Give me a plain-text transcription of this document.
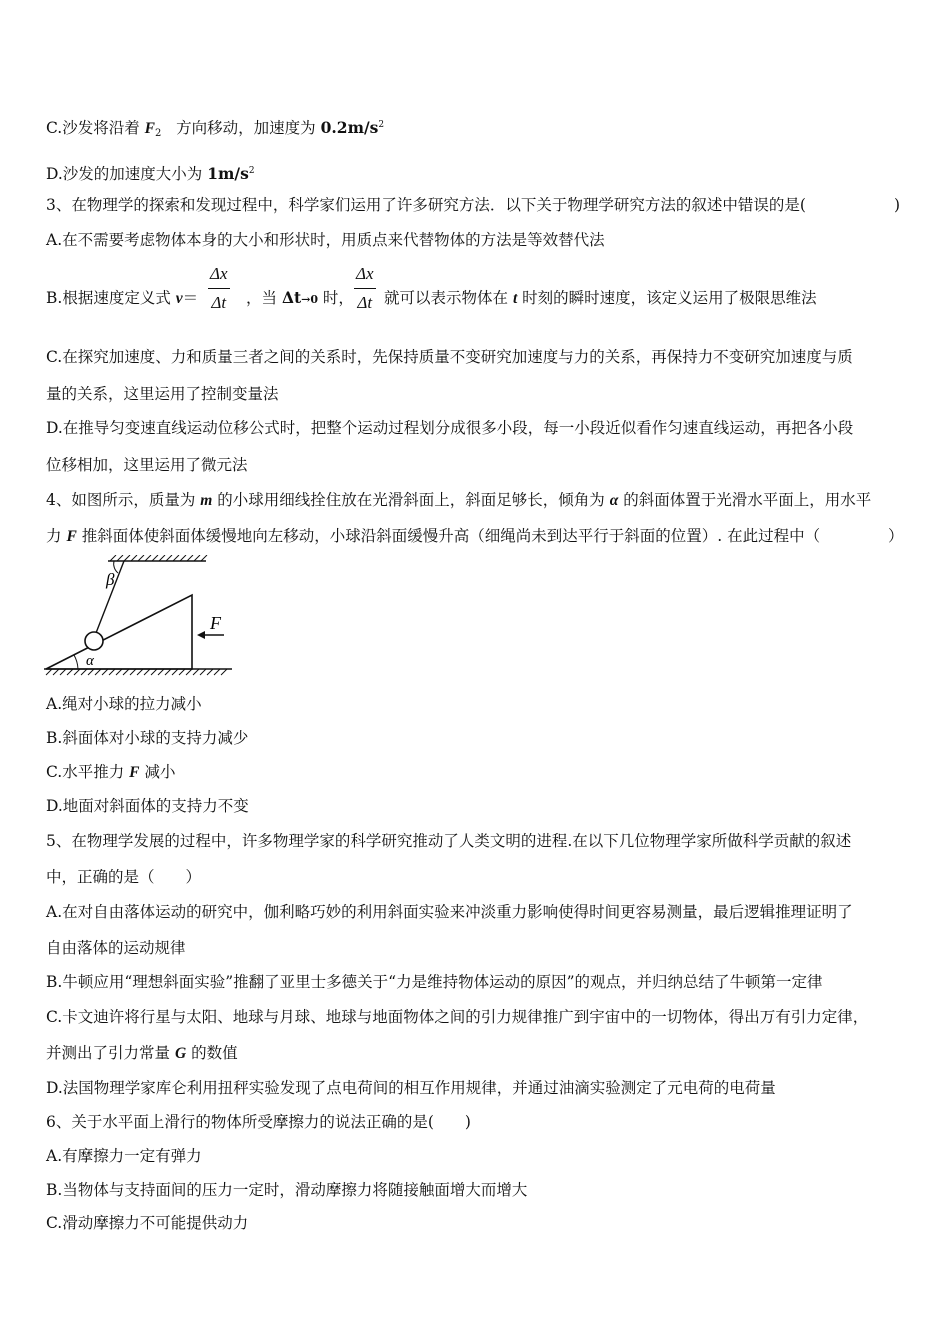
C.沙发将沿着 $F_2$ 方向移动，加速度为 $0.2m/s^2$
D.沙发的加速度大小为 $1m/s^2$
3、在物理学的探索和发现过程中，科学家们运用了许多研究方法．以下关于物理学研究方法的叙述中错误的是(	)
A.在不需要考虑物体本身的大小和形状时，用质点来代替物体的方法是等效替代法
B.根据速度定义式 $v= \frac{\Delta x}{\Delta t}$ ，当 Δt→0 时， $\frac{\Delta x}{\Delta t}$ 就可以表示物体在 t 时刻的瞬时速度，该定义运用了极限思维法
C.在探究加速度、力和质量三者之间的关系时，先保持质量不变研究加速度与力的关系，再保持力不变研究加速度与质
量的关系，这里运用了控制变量法
D.在推导匀变速直线运动位移公式时，把整个运动过程划分成很多小段，每一小段近似看作匀速直线运动，再把各小段
位移相加，这里运用了微元法
4、如图所示，质量为 m 的小球用细线拴住放在光滑斜面上，斜面足够长，倾角为 α 的斜面体置于光滑水平面上，用水平
力 F 推斜面体使斜面体缓慢地向左移动，小球沿斜面缓慢升高（细绳尚未到达平行于斜面的位置）. 在此过程中（	）
β
α
F
A.绳对小球的拉力减小
B.斜面体对小球的支持力减少
C.水平推力 F 减小
D.地面对斜面体的支持力不变
5、在物理学发展的过程中，许多物理学家的科学研究推动了人类文明的进程.在以下几位物理学家所做科学贡献的叙述
中，正确的是（　　）
A.在对自由落体运动的研究中，伽利略巧妙的利用斜面实验来冲淡重力影响使得时间更容易测量，最后逻辑推理证明了
自由落体的运动规律
B.牛顿应用“理想斜面实验”推翻了亚里士多德关于“力是维持物体运动的原因”的观点，并归纳总结了牛顿第一定律
C.卡文迪许将行星与太阳、地球与月球、地球与地面物体之间的引力规律推广到宇宙中的一切物体，得出万有引力定律，
并测出了引力常量 G 的数值
D.法国物理学家库仑利用扭秤实验发现了点电荷间的相互作用规律，并通过油滴实验测定了元电荷的电荷量
6、关于水平面上滑行的物体所受摩擦力的说法正确的是(　　)
A.有摩擦力一定有弹力
B.当物体与支持面间的压力一定时，滑动摩擦力将随接触面增大而增大
C.滑动摩擦力不可能提供动力
